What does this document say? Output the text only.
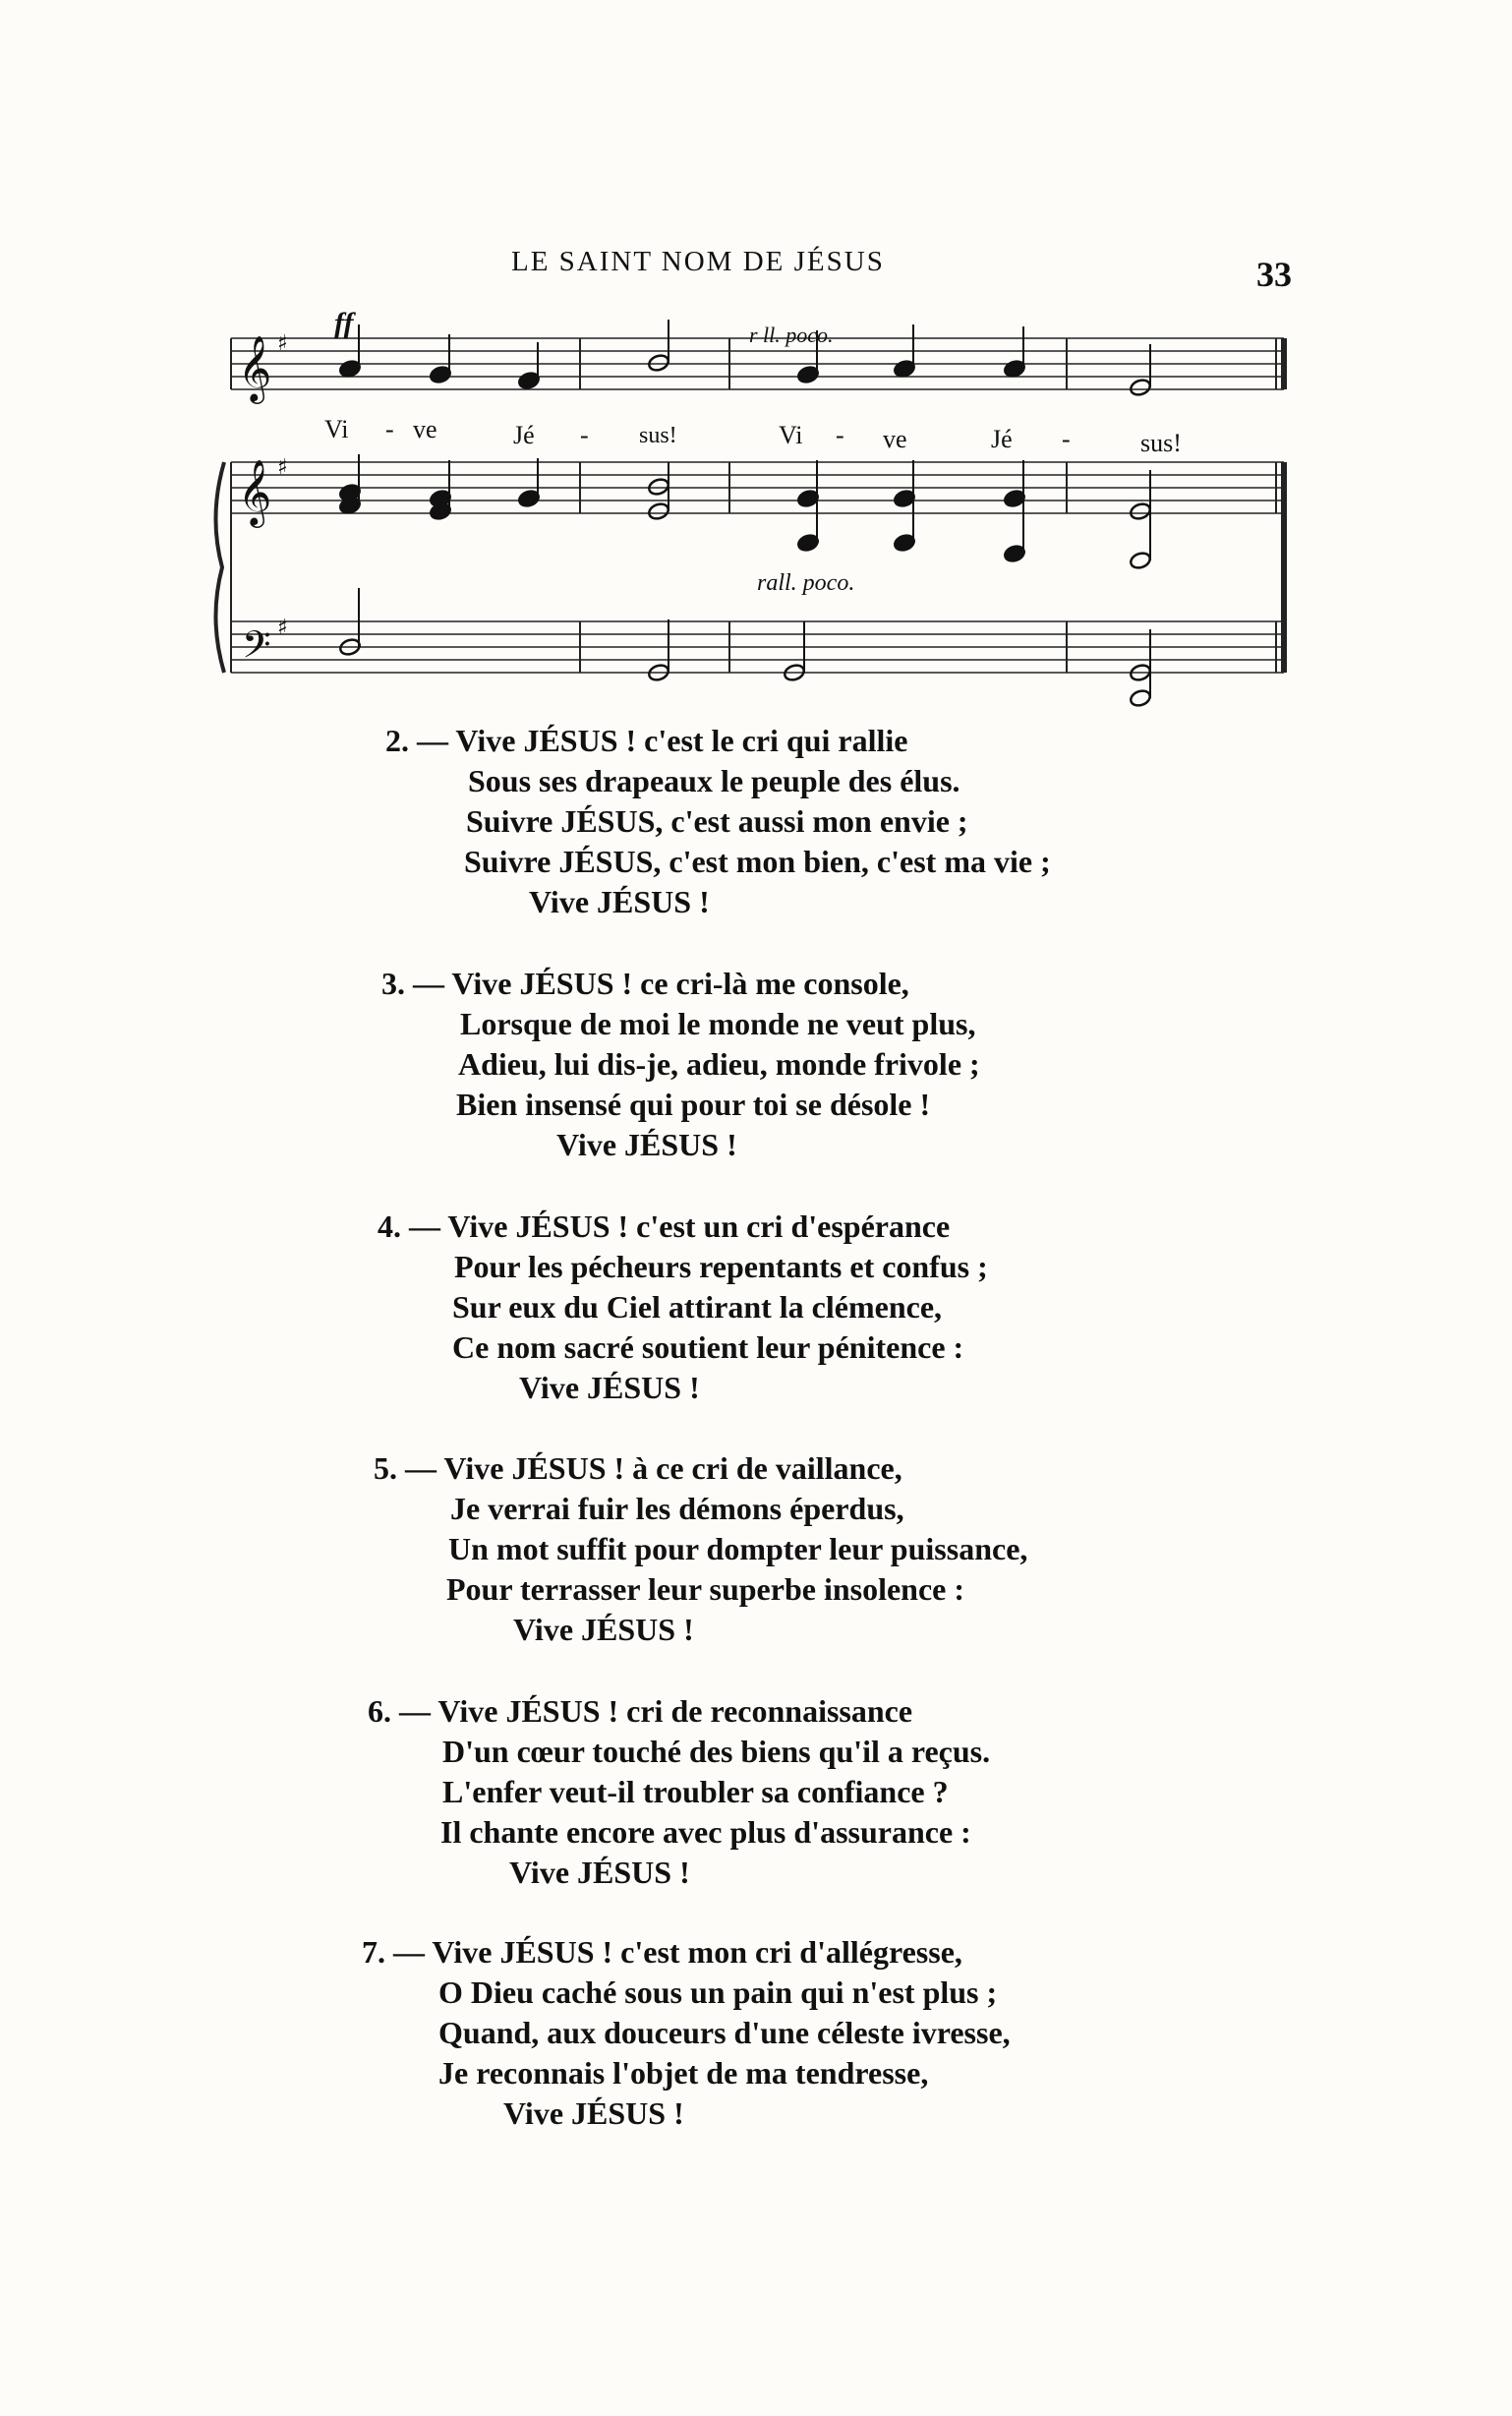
LE SAINT NOM DE JÉSUS	33
𝄞 ♯
𝄞 ♯
𝄢 ♯
ff	r ll. poco.
rall. poco.
Vi - ve	Jé - sus!	Vi - ve	Jé -	sus!
2. — Vive JÉSUS ! c'est le cri qui rallie
Sous ses drapeaux le peuple des élus.
Suivre JÉSUS, c'est aussi mon envie ;
Suivre JÉSUS, c'est mon bien, c'est ma vie ;
Vive JÉSUS !
3. — Vive JÉSUS ! ce cri-là me console,
Lorsque de moi le monde ne veut plus,
Adieu, lui dis-je, adieu, monde frivole ;
Bien insensé qui pour toi se désole !
Vive JÉSUS !
4. — Vive JÉSUS ! c'est un cri d'espérance
Pour les pécheurs repentants et confus ;
Sur eux du Ciel attirant la clémence,
Ce nom sacré soutient leur pénitence :
Vive JÉSUS !
5. — Vive JÉSUS ! à ce cri de vaillance,
Je verrai fuir les démons éperdus,
Un mot suffit pour dompter leur puissance,
Pour terrasser leur superbe insolence :
Vive JÉSUS !
6. — Vive JÉSUS ! cri de reconnaissance
D'un cœur touché des biens qu'il a reçus.
L'enfer veut-il troubler sa confiance ?
Il chante encore avec plus d'assurance :
Vive JÉSUS !
7. — Vive JÉSUS ! c'est mon cri d'allégresse,
O Dieu caché sous un pain qui n'est plus ;
Quand, aux douceurs d'une céleste ivresse,
Je reconnais l'objet de ma tendresse,
Vive JÉSUS !
